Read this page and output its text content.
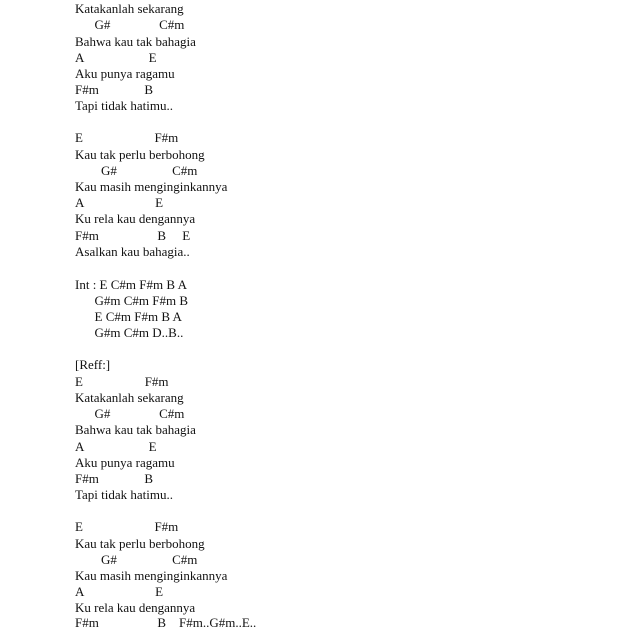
Katakanlah sekarang
G#               C#m
Bahwa kau tak bahagia
A                    E
Aku punya ragamu
F#m              B
Tapi tidak hatimu..
E                      F#m
Kau tak perlu berbohong
G#                 C#m
Kau masih menginginkannya
A                      E
Ku rela kau dengannya
F#m                  B     E
Asalkan kau bahagia..
Int : E C#m F#m B A
G#m C#m F#m B
E C#m F#m B A
G#m C#m D..B..
[Reff:]
E                   F#m
Katakanlah sekarang
G#               C#m
Bahwa kau tak bahagia
A                    E
Aku punya ragamu
F#m              B
Tapi tidak hatimu..
E                      F#m
Kau tak perlu berbohong
G#                 C#m
Kau masih menginginkannya
A                      E
Ku rela kau dengannya
F#m                  B    F#m..G#m..E..
